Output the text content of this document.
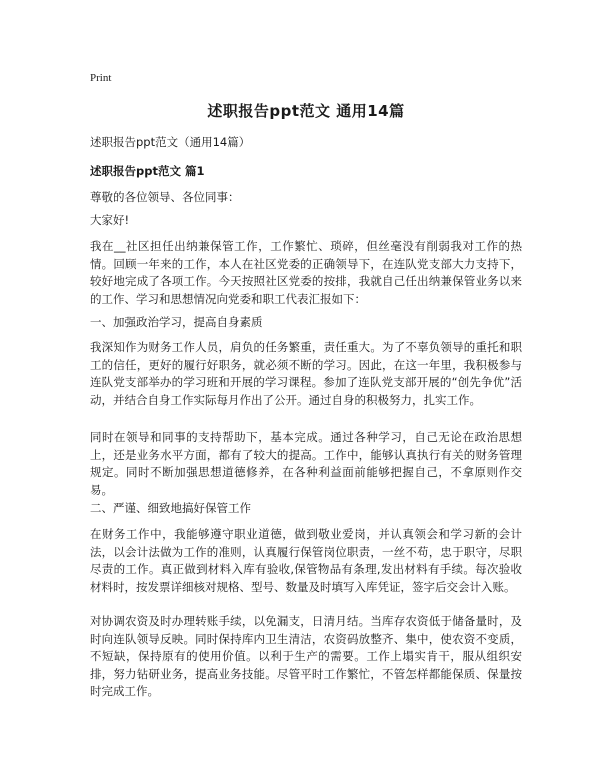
Print
述职报告ppt范文 通用14篇
述职报告ppt范文（通用14篇）
述职报告ppt范文 篇1
尊敬的各位领导、各位同事：
大家好!
我在__社区担任出纳兼保管工作，工作繁忙、琐碎，但丝毫没有削弱我对工作的热情。回顾一年来的工作，本人在社区党委的正确领导下，在连队党支部大力支持下，较好地完成了各项工作。今天按照社区党委的按排，我就自己任出纳兼保管业务以来的工作、学习和思想情况向党委和职工代表汇报如下：
一、加强政治学习，提高自身素质
我深知作为财务工作人员，肩负的任务繁重，责任重大。为了不辜负领导的重托和职工的信任，更好的履行好职务，就必须不断的学习。因此，在这一年里，我积极参与连队党支部举办的学习班和开展的学习课程。参加了连队党支部开展的“创先争优”活动，并结合自身工作实际每月作出了公开。通过自身的积极努力，扎实工作。
同时在领导和同事的支持帮助下，基本完成。通过各种学习，自己无论在政治思想上，还是业务水平方面，都有了较大的提高。工作中，能够认真执行有关的财务管理规定。同时不断加强思想道德修养，在各种利益面前能够把握自己，不拿原则作交易。
二、严谨、细致地搞好保管工作
在财务工作中，我能够遵守职业道德，做到敬业爱岗，并认真领会和学习新的会计法，以会计法做为工作的准则，认真履行保管岗位职责，一丝不苟，忠于职守，尽职尽责的工作。真正做到材料入库有验收,保管物品有条理,发出材料有手续。每次验收材料时，按发票详细核对规格、型号、数量及时填写入库凭证，签字后交会计入账。
对协调农资及时办理转账手续，以免漏支，日清月结。当库存农资低于储备量时，及时向连队领导反映。同时保持库内卫生清洁，农资码放整齐、集中，使农资不变质，不短缺，保持原有的使用价值。以利于生产的需要。工作上塌实肯干，服从组织安排，努力钻研业务，提高业务技能。尽管平时工作繁忙，不管怎样都能保质、保量按时完成工作。
